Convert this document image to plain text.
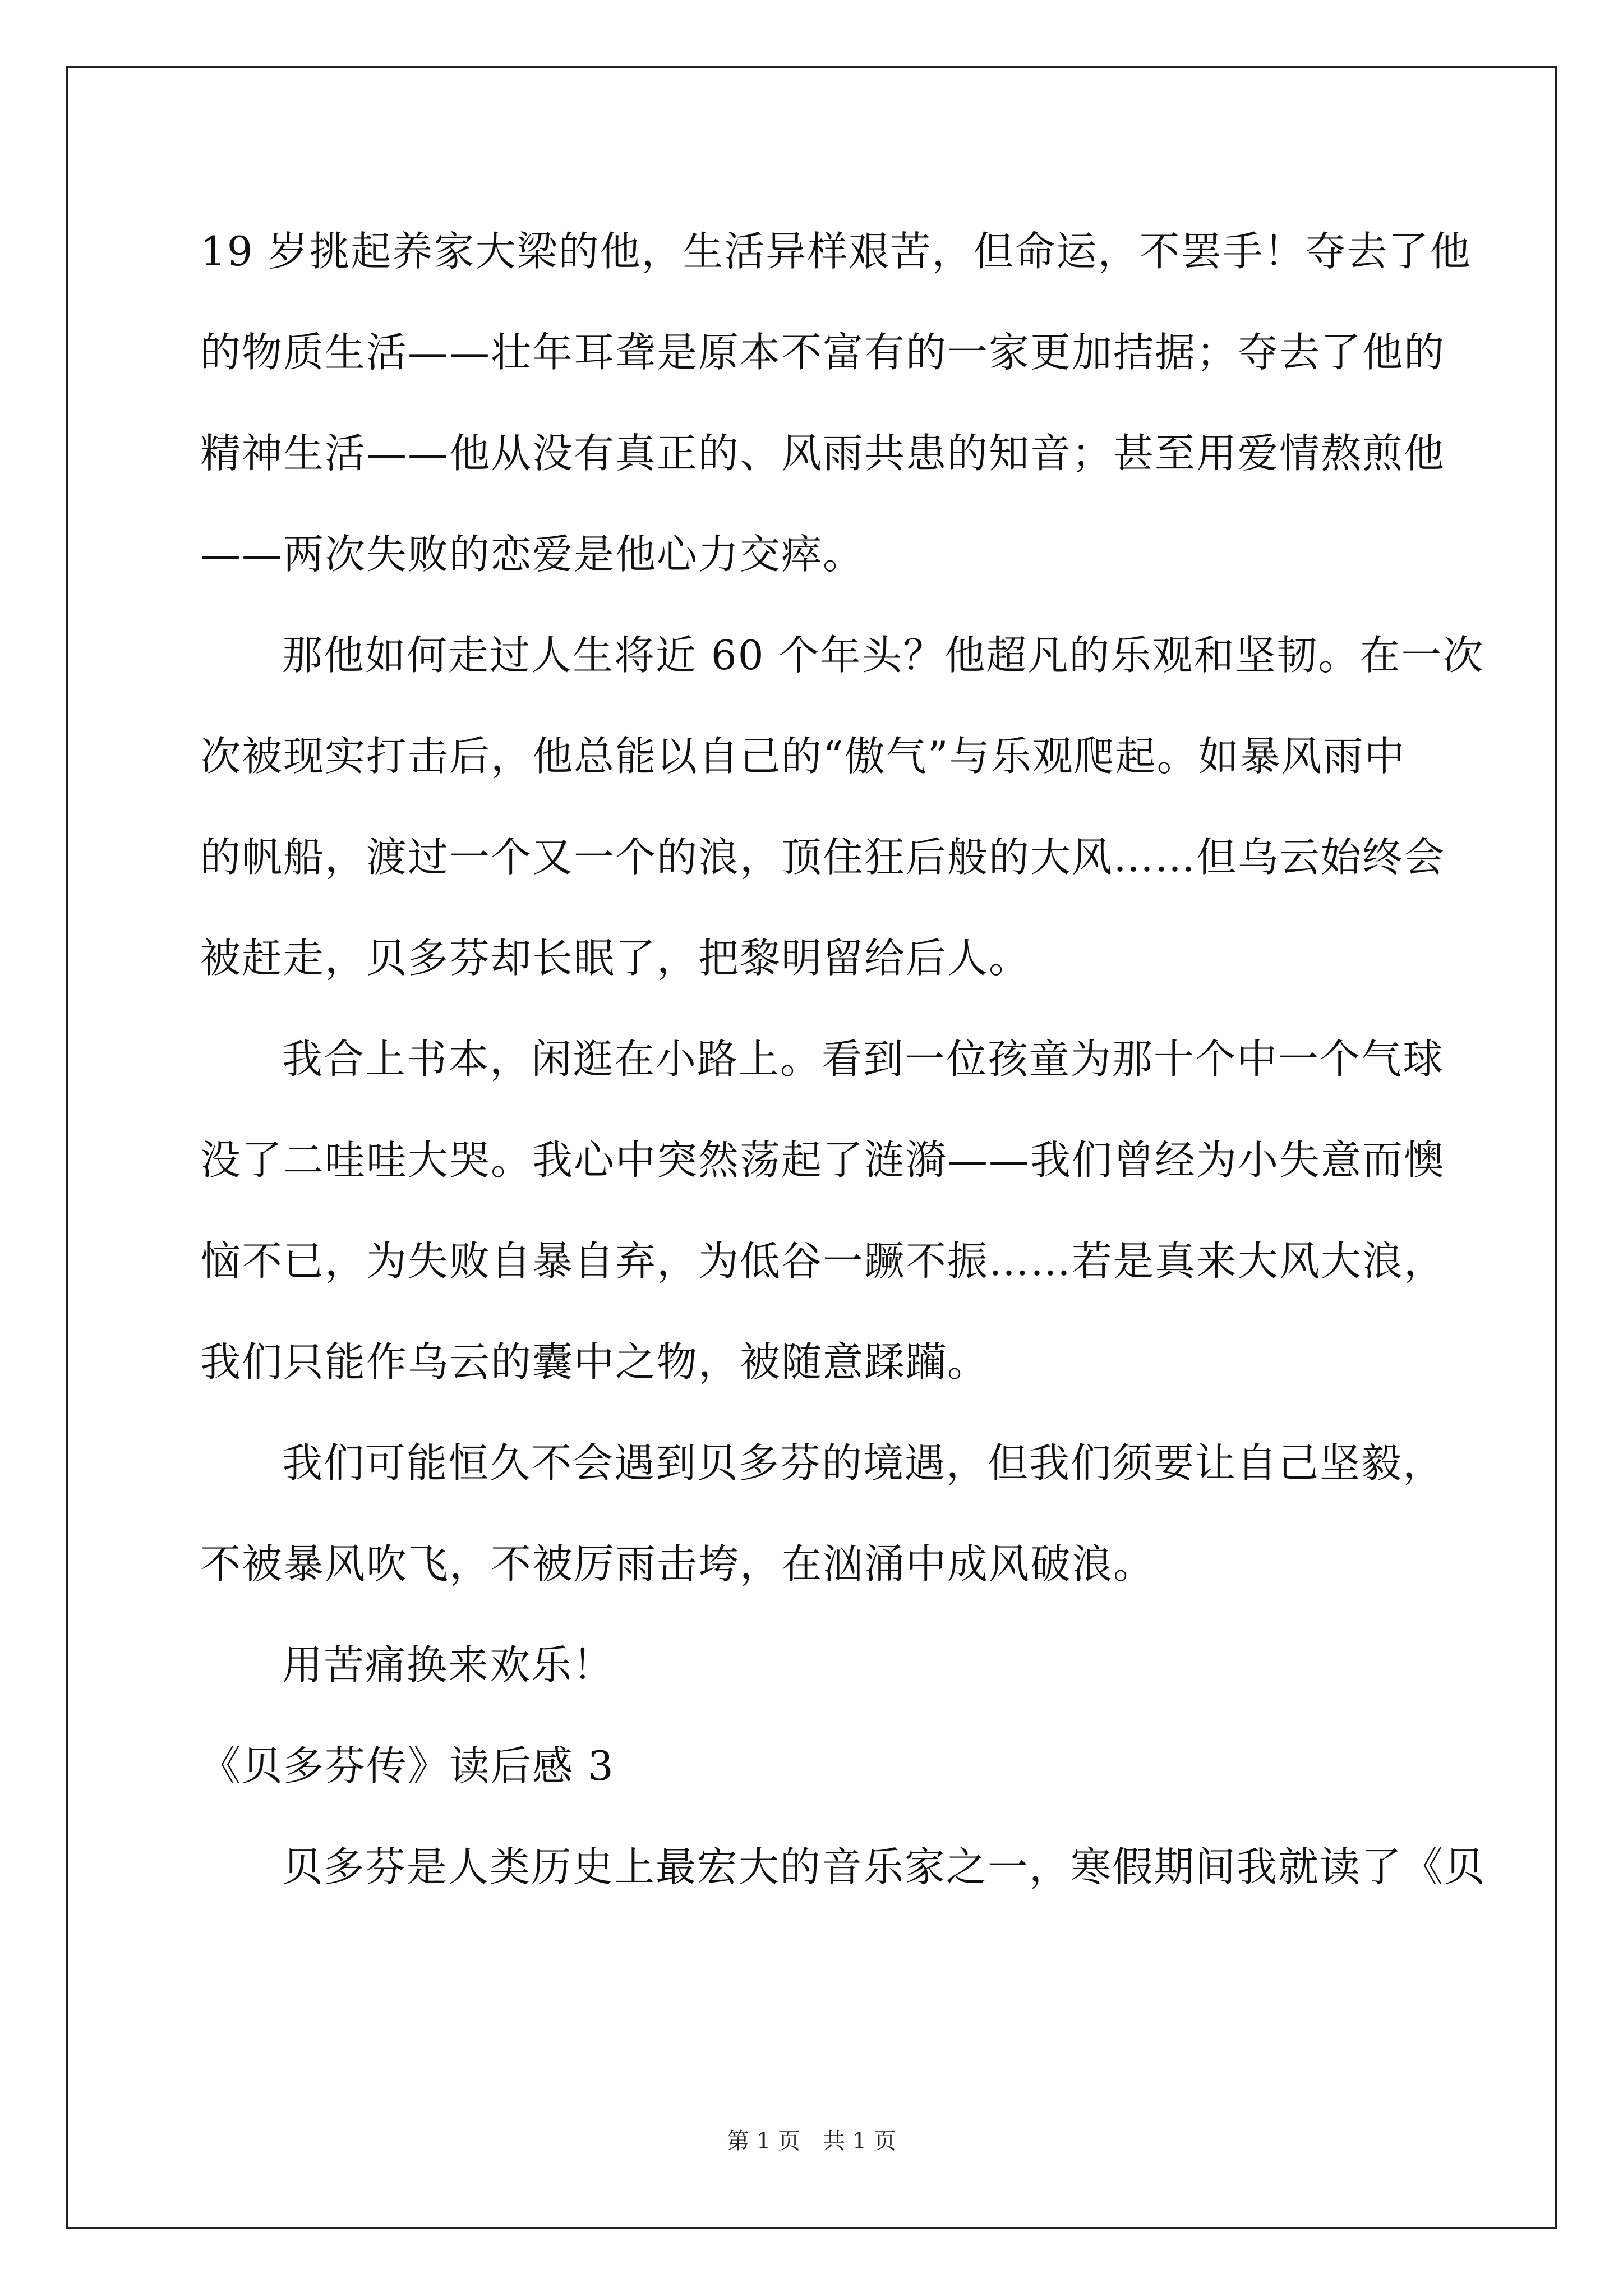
19 岁挑起养家大梁的他，生活异样艰苦，但命运，不罢手！夺去了他
的物质生活——壮年耳聋是原本不富有的一家更加拮据；夺去了他的
精神生活——他从没有真正的、风雨共患的知音；甚至用爱情熬煎他
——两次失败的恋爱是他心力交瘁。
那他如何走过人生将近 60 个年头？他超凡的乐观和坚韧。在一次
次被现实打击后，他总能以自己的“傲气”与乐观爬起。如暴风雨中
的帆船，渡过一个又一个的浪，顶住狂后般的大风……但乌云始终会
被赶走，贝多芬却长眠了，把黎明留给后人。
我合上书本，闲逛在小路上。看到一位孩童为那十个中一个气球
没了二哇哇大哭。我心中突然荡起了涟漪——我们曾经为小失意而懊
恼不已，为失败自暴自弃，为低谷一蹶不振……若是真来大风大浪，
我们只能作乌云的囊中之物，被随意蹂躏。
我们可能恒久不会遇到贝多芬的境遇，但我们须要让自己坚毅，
不被暴风吹飞，不被厉雨击垮，在汹涌中成风破浪。
用苦痛换来欢乐！
《贝多芬传》读后感 3
贝多芬是人类历史上最宏大的音乐家之一，寒假期间我就读了《贝
第 1 页　共 1 页
